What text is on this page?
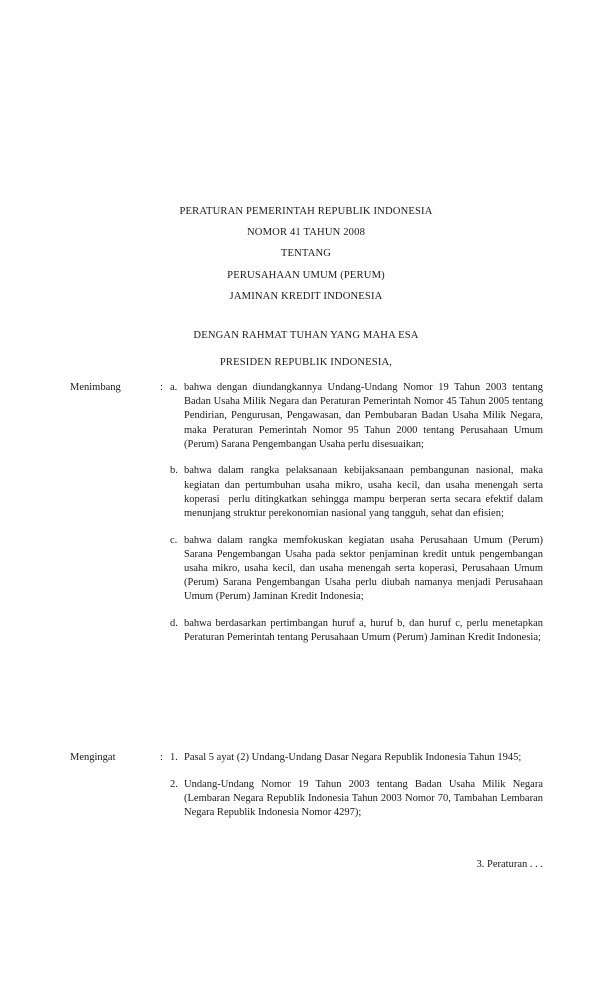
PERATURAN PEMERINTAH REPUBLIK INDONESIA
NOMOR 41 TAHUN 2008
TENTANG
PERUSAHAAN UMUM (PERUM)
JAMINAN KREDIT INDONESIA
DENGAN RAHMAT TUHAN YANG MAHA ESA
PRESIDEN REPUBLIK INDONESIA,
Menimbang	: a. bahwa dengan diundangkannya Undang-Undang Nomor 19 Tahun 2003 tentang Badan Usaha Milik Negara dan Peraturan Pemerintah Nomor 45 Tahun 2005 tentang Pendirian, Pengurusan, Pengawasan, dan Pembubaran Badan Usaha Milik Negara, maka Peraturan Pemerintah Nomor 95 Tahun 2000 tentang Perusahaan Umum (Perum) Sarana Pengembangan Usaha perlu disesuaikan;
b. bahwa dalam rangka pelaksanaan kebijaksanaan pembangunan nasional, maka kegiatan dan pertumbuhan usaha mikro, usaha kecil, dan usaha menengah serta koperasi  perlu ditingkatkan sehingga mampu berperan serta secara efektif dalam menunjang struktur perekonomian nasional yang tangguh, sehat dan efisien;
c. bahwa dalam rangka memfokuskan kegiatan usaha Perusahaan Umum (Perum) Sarana Pengembangan Usaha pada sektor penjaminan kredit untuk pengembangan usaha mikro, usaha kecil, dan usaha menengah serta koperasi, Perusahaan Umum (Perum) Sarana Pengembangan Usaha perlu diubah namanya menjadi Perusahaan Umum (Perum) Jaminan Kredit Indonesia;
d. bahwa berdasarkan pertimbangan huruf a, huruf b, dan huruf c, perlu menetapkan Peraturan Pemerintah tentang Perusahaan Umum (Perum) Jaminan Kredit Indonesia;
Mengingat	: 1. Pasal 5 ayat (2) Undang-Undang Dasar Negara Republik Indonesia Tahun 1945;
2. Undang-Undang Nomor 19 Tahun 2003 tentang Badan Usaha Milik Negara (Lembaran Negara Republik Indonesia Tahun 2003 Nomor 70, Tambahan Lembaran Negara Republik Indonesia Nomor 4297);
3. Peraturan . . .
